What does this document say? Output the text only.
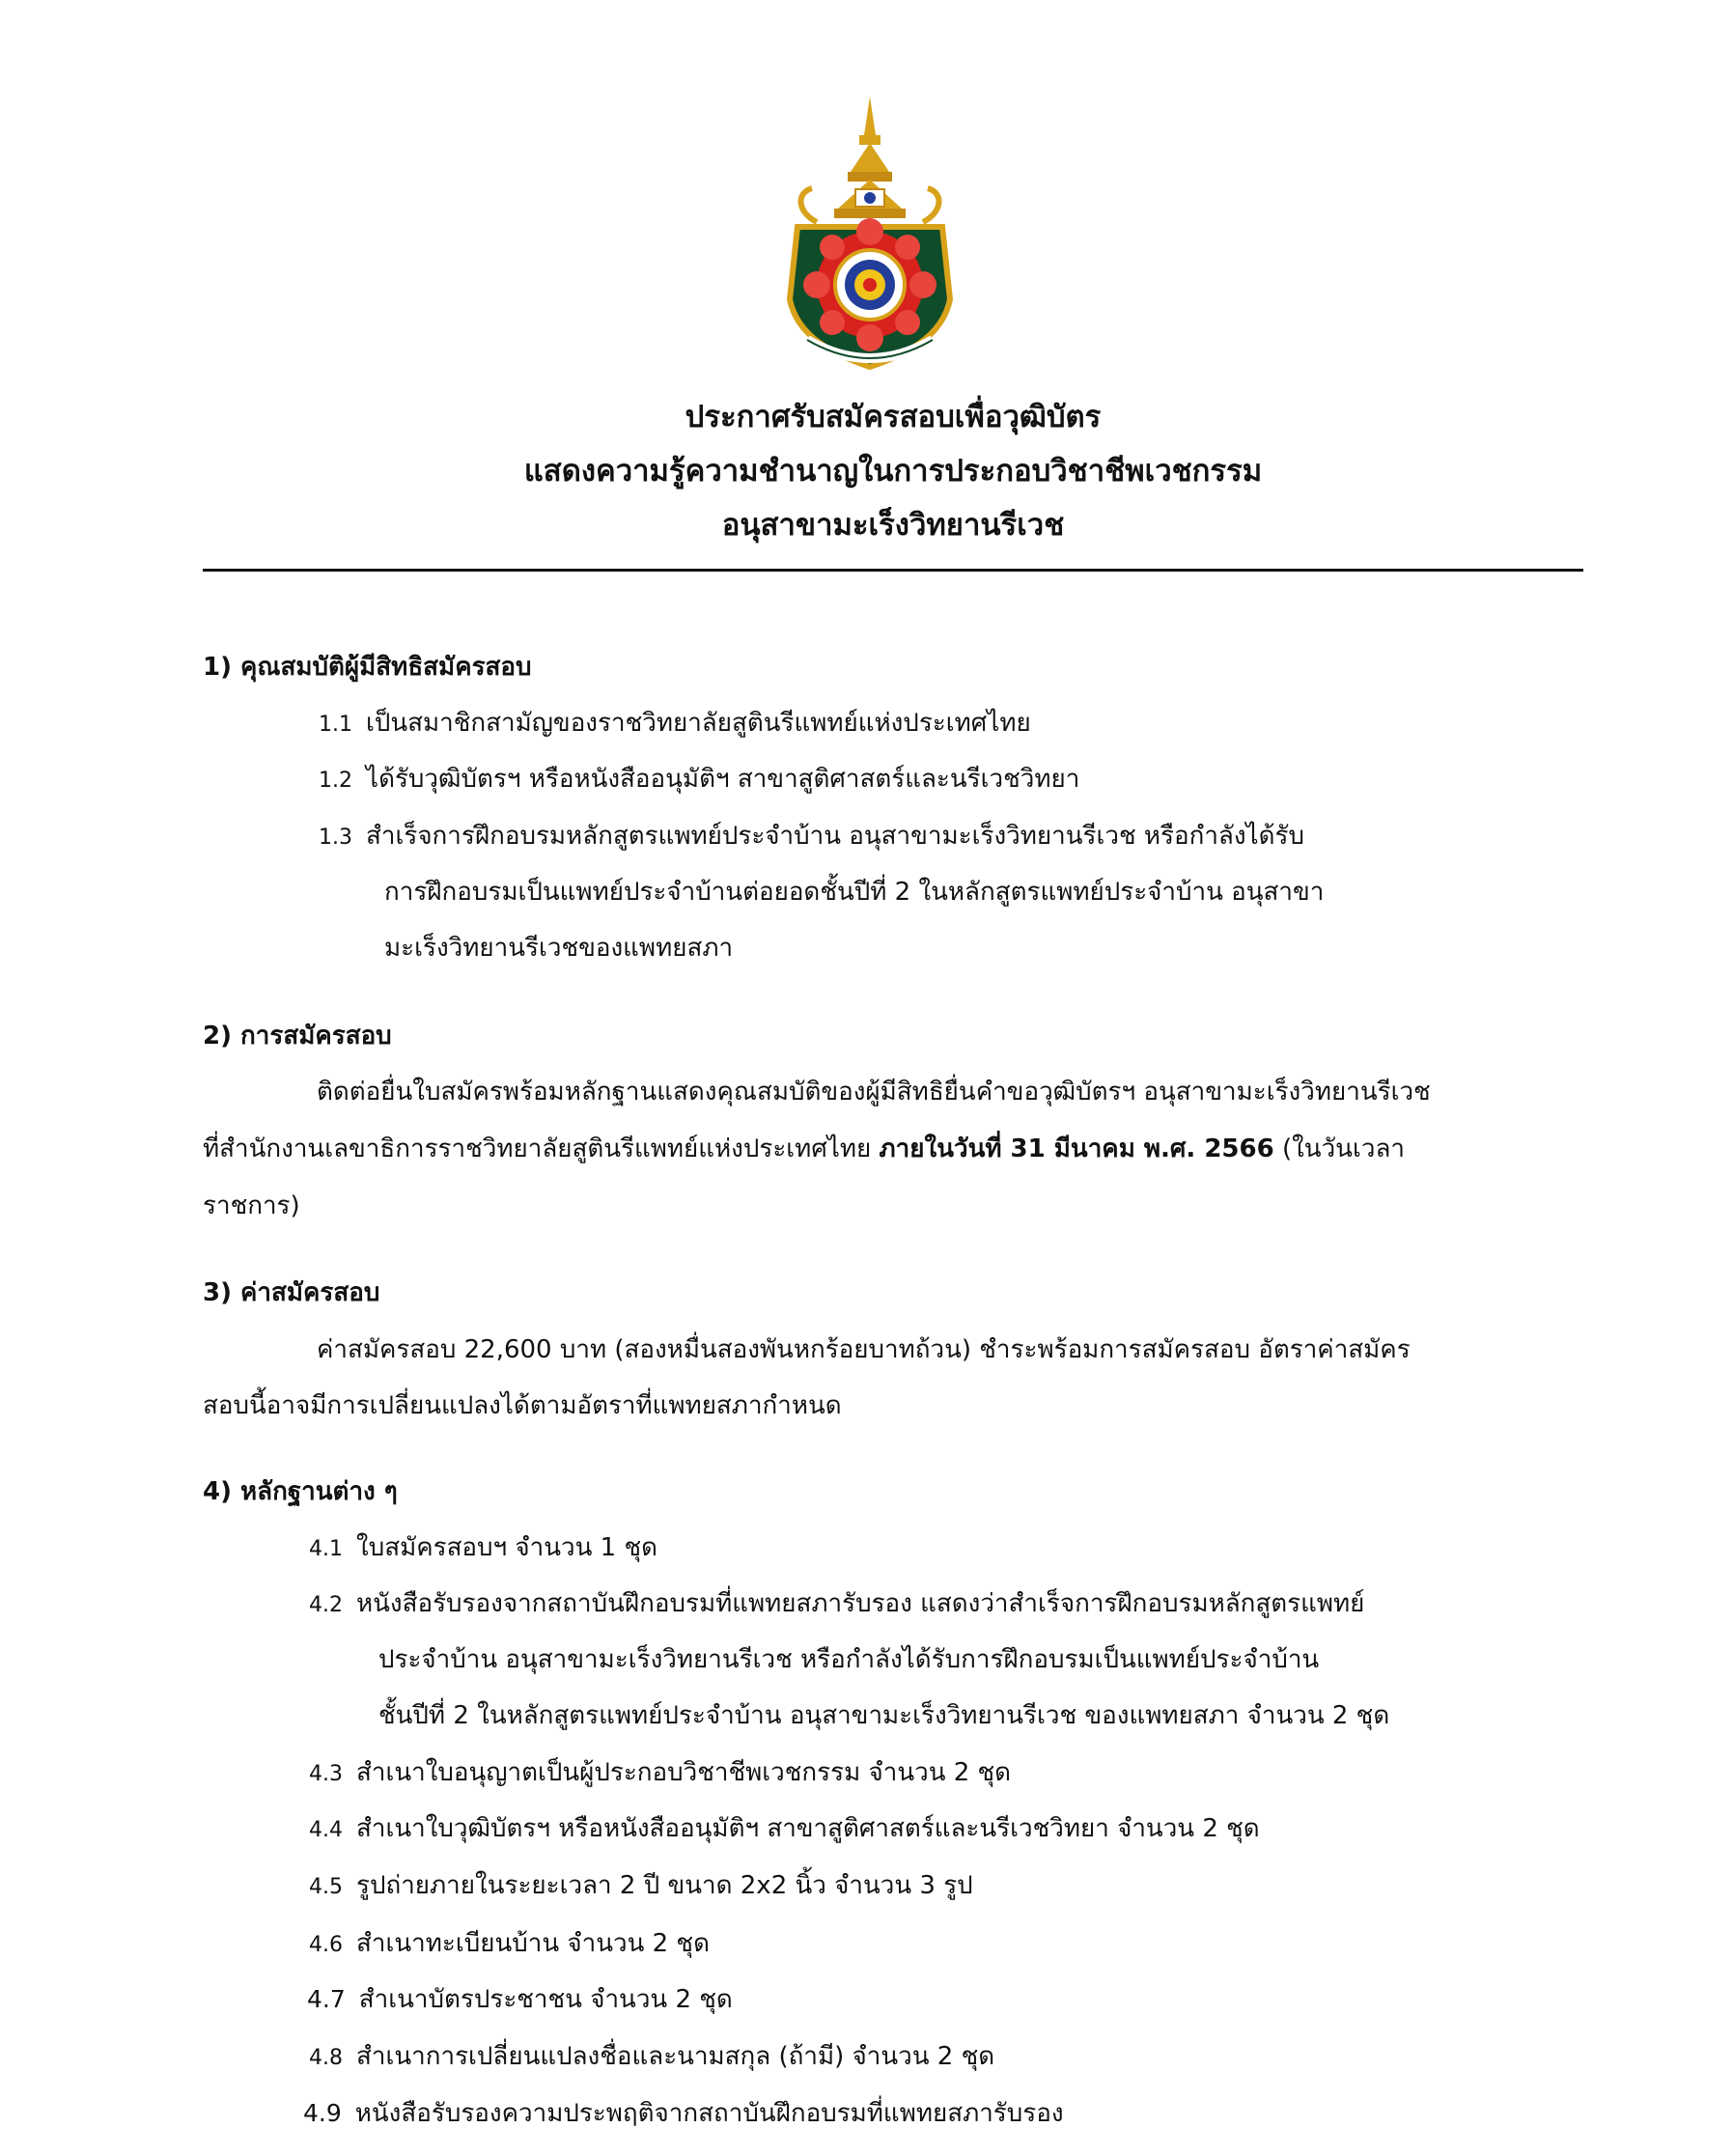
ประกาศรับสมัครสอบเพื่อวุฒิบัตร
แสดงความรู้ความชำนาญในการประกอบวิชาชีพเวชกรรม
อนุสาขามะเร็งวิทยานรีเวช
1) คุณสมบัติผู้มีสิทธิสมัครสอบ
1.1 เป็นสมาชิกสามัญของราชวิทยาลัยสูตินรีแพทย์แห่งประเทศไทย
1.2 ได้รับวุฒิบัตรฯ หรือหนังสืออนุมัติฯ สาขาสูติศาสตร์และนรีเวชวิทยา
1.3 สำเร็จการฝึกอบรมหลักสูตรแพทย์ประจำบ้าน อนุสาขามะเร็งวิทยานรีเวช หรือกำลังได้รับ
การฝึกอบรมเป็นแพทย์ประจำบ้านต่อยอดชั้นปีที่ 2 ในหลักสูตรแพทย์ประจำบ้าน อนุสาขา
มะเร็งวิทยานรีเวชของแพทยสภา
2) การสมัครสอบ
ติดต่อยื่นใบสมัครพร้อมหลักฐานแสดงคุณสมบัติของผู้มีสิทธิยื่นคำขอวุฒิบัตรฯ อนุสาขามะเร็งวิทยานรีเวช
ที่สำนักงานเลขาธิการราชวิทยาลัยสูตินรีแพทย์แห่งประเทศไทย ภายในวันที่ 31 มีนาคม พ.ศ. 2566 (ในวันเวลา
ราชการ)
3) ค่าสมัครสอบ
ค่าสมัครสอบ 22,600 บาท (สองหมื่นสองพันหกร้อยบาทถ้วน) ชำระพร้อมการสมัครสอบ อัตราค่าสมัคร
สอบนี้อาจมีการเปลี่ยนแปลงได้ตามอัตราที่แพทยสภากำหนด
4) หลักฐานต่าง ๆ
4.1 ใบสมัครสอบฯ จำนวน 1 ชุด
4.2 หนังสือรับรองจากสถาบันฝึกอบรมที่แพทยสภารับรอง แสดงว่าสำเร็จการฝึกอบรมหลักสูตรแพทย์
ประจำบ้าน อนุสาขามะเร็งวิทยานรีเวช หรือกำลังได้รับการฝึกอบรมเป็นแพทย์ประจำบ้าน
ชั้นปีที่ 2 ในหลักสูตรแพทย์ประจำบ้าน อนุสาขามะเร็งวิทยานรีเวช ของแพทยสภา จำนวน 2 ชุด
4.3 สำเนาใบอนุญาตเป็นผู้ประกอบวิชาชีพเวชกรรม จำนวน 2 ชุด
4.4 สำเนาใบวุฒิบัตรฯ หรือหนังสืออนุมัติฯ สาขาสูติศาสตร์และนรีเวชวิทยา จำนวน 2 ชุด
4.5 รูปถ่ายภายในระยะเวลา 2 ปี ขนาด 2x2 นิ้ว จำนวน 3 รูป
4.6 สำเนาทะเบียนบ้าน จำนวน 2 ชุด
4.7 สำเนาบัตรประชาชน จำนวน 2 ชุด
4.8 สำเนาการเปลี่ยนแปลงชื่อและนามสกุล (ถ้ามี) จำนวน 2 ชุด
4.9 หนังสือรับรองความประพฤติจากสถาบันฝึกอบรมที่แพทยสภารับรอง
